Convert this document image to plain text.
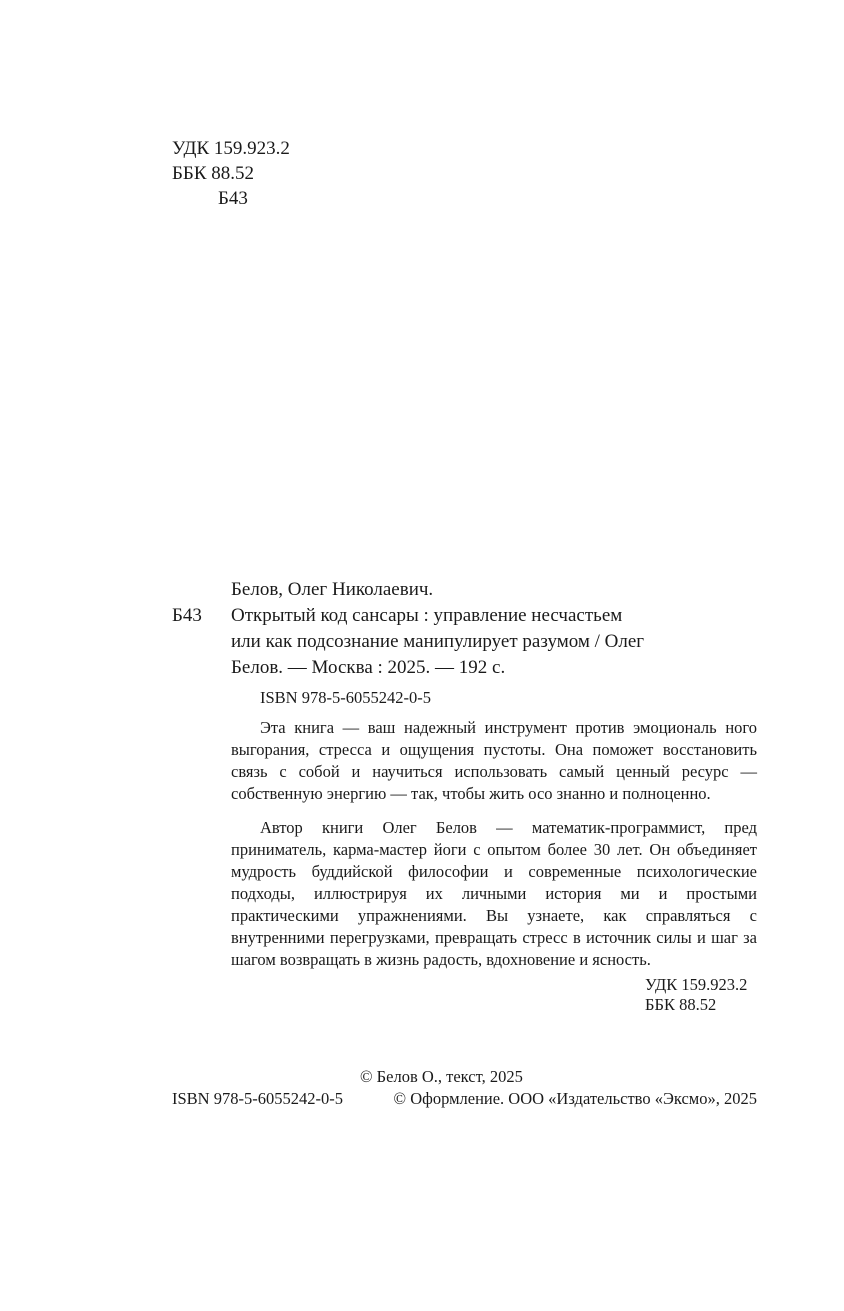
УДК 159.923.2
ББК 88.52
Б43
Белов, Олег Николаевич.
Б43 Открытый код сансары : управление несчастьем
или как подсознание манипулирует разумом / Олег
Белов. — Москва : 2025. — 192 с.
ISBN 978-5-6055242-0-5
Эта книга — ваш надежный инструмент против эмоциональ ного выгорания, стресса и ощущения пустоты. Она поможет восстановить связь с собой и научиться использовать самый ценный ресурс — собственную энергию — так, чтобы жить осо знанно и полноценно.
Автор книги Олег Белов — математик-программист, пред приниматель, карма-мастер йоги с опытом более 30 лет. Он объединяет мудрость буддийской философии и современные психологические подходы, иллюстрируя их личными история ми и простыми практическими упражнениями. Вы узнаете, как справляться с внутренними перегрузками, превращать стресс в источник силы и шаг за шагом возвращать в жизнь радость, вдохновение и ясность.
УДК 159.923.2
ББК 88.52
© Белов О., текст, 2025
ISBN 978-5-6055242-0-5	© Оформление. ООО «Издательство «Эксмо», 2025
